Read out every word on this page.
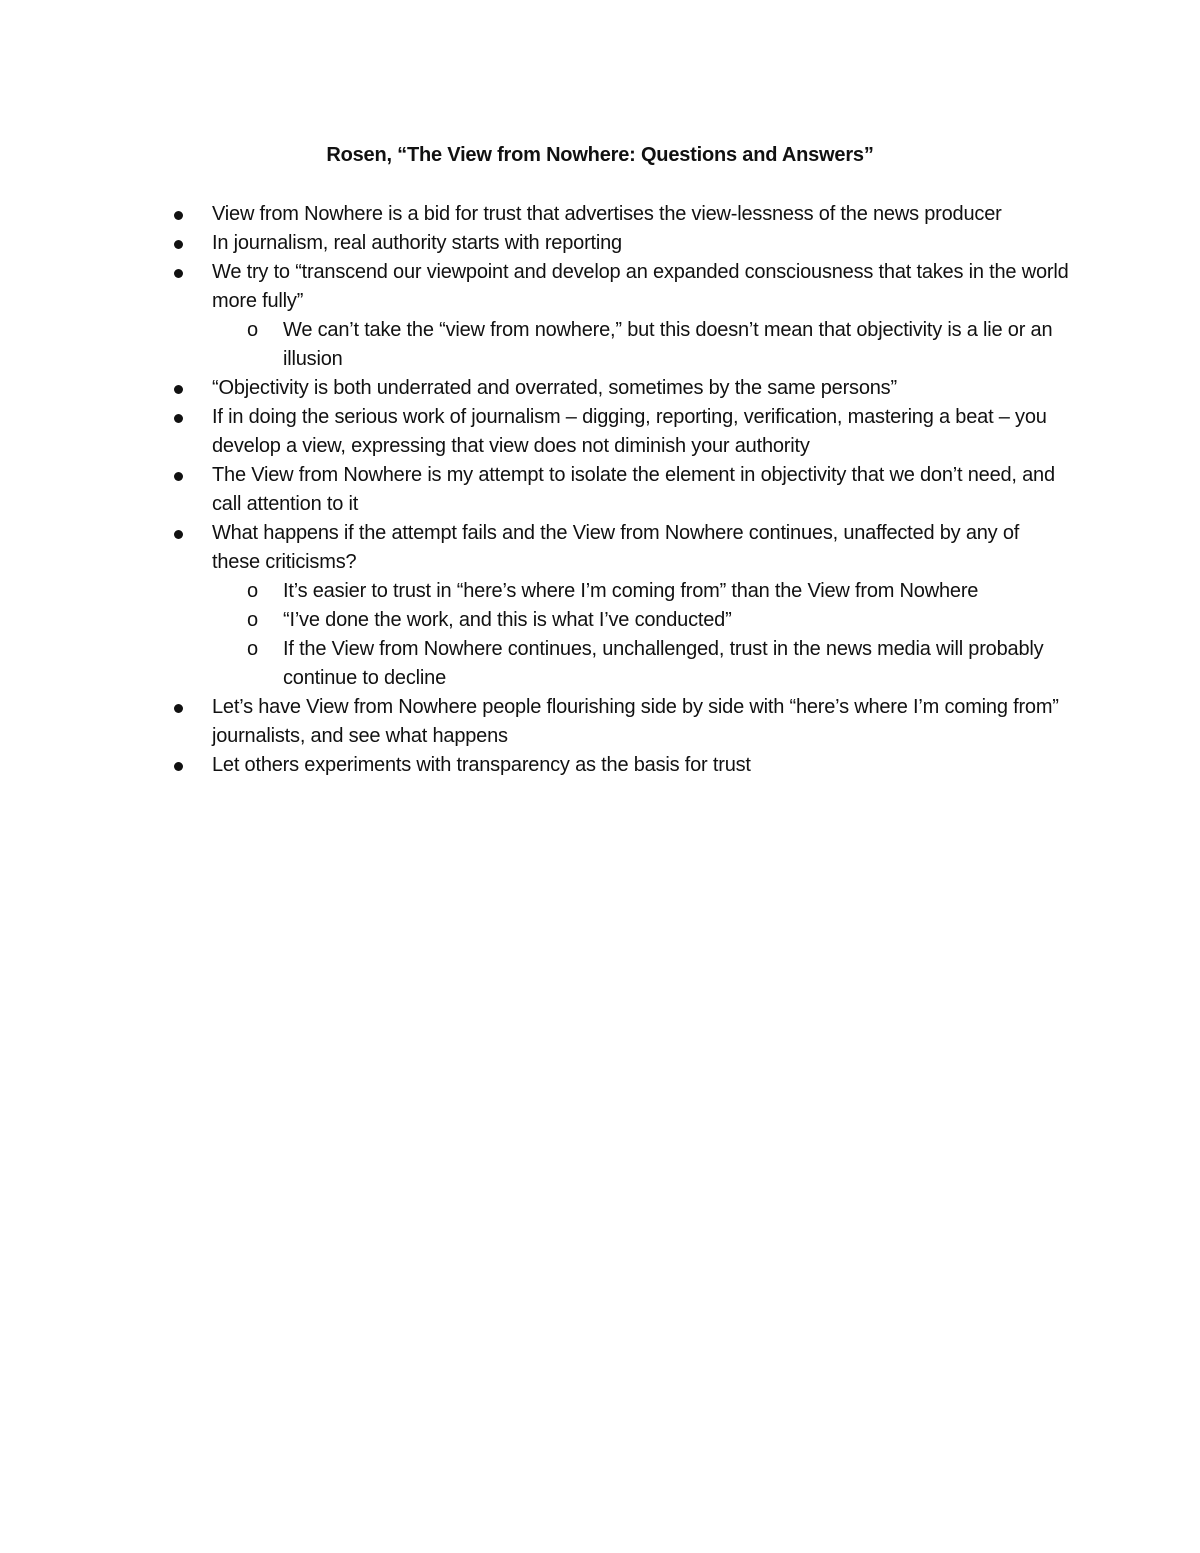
Rosen, “The View from Nowhere: Questions and Answers”
View from Nowhere is a bid for trust that advertises the view-lessness of the news producer
In journalism, real authority starts with reporting
We try to “transcend our viewpoint and develop an expanded consciousness that takes in the world more fully”
o We can’t take the “view from nowhere,” but this doesn’t mean that objectivity is a lie or an illusion
“Objectivity is both underrated and overrated, sometimes by the same persons”
If in doing the serious work of journalism – digging, reporting, verification, mastering a beat – you develop a view, expressing that view does not diminish your authority
The View from Nowhere is my attempt to isolate the element in objectivity that we don’t need, and call attention to it
What happens if the attempt fails and the View from Nowhere continues, unaffected by any of these criticisms?
o It’s easier to trust in “here’s where I’m coming from” than the View from Nowhere
o “I’ve done the work, and this is what I’ve conducted”
o If the View from Nowhere continues, unchallenged, trust in the news media will probably continue to decline
Let’s have View from Nowhere people flourishing side by side with “here’s where I’m coming from” journalists, and see what happens
Let others experiments with transparency as the basis for trust
